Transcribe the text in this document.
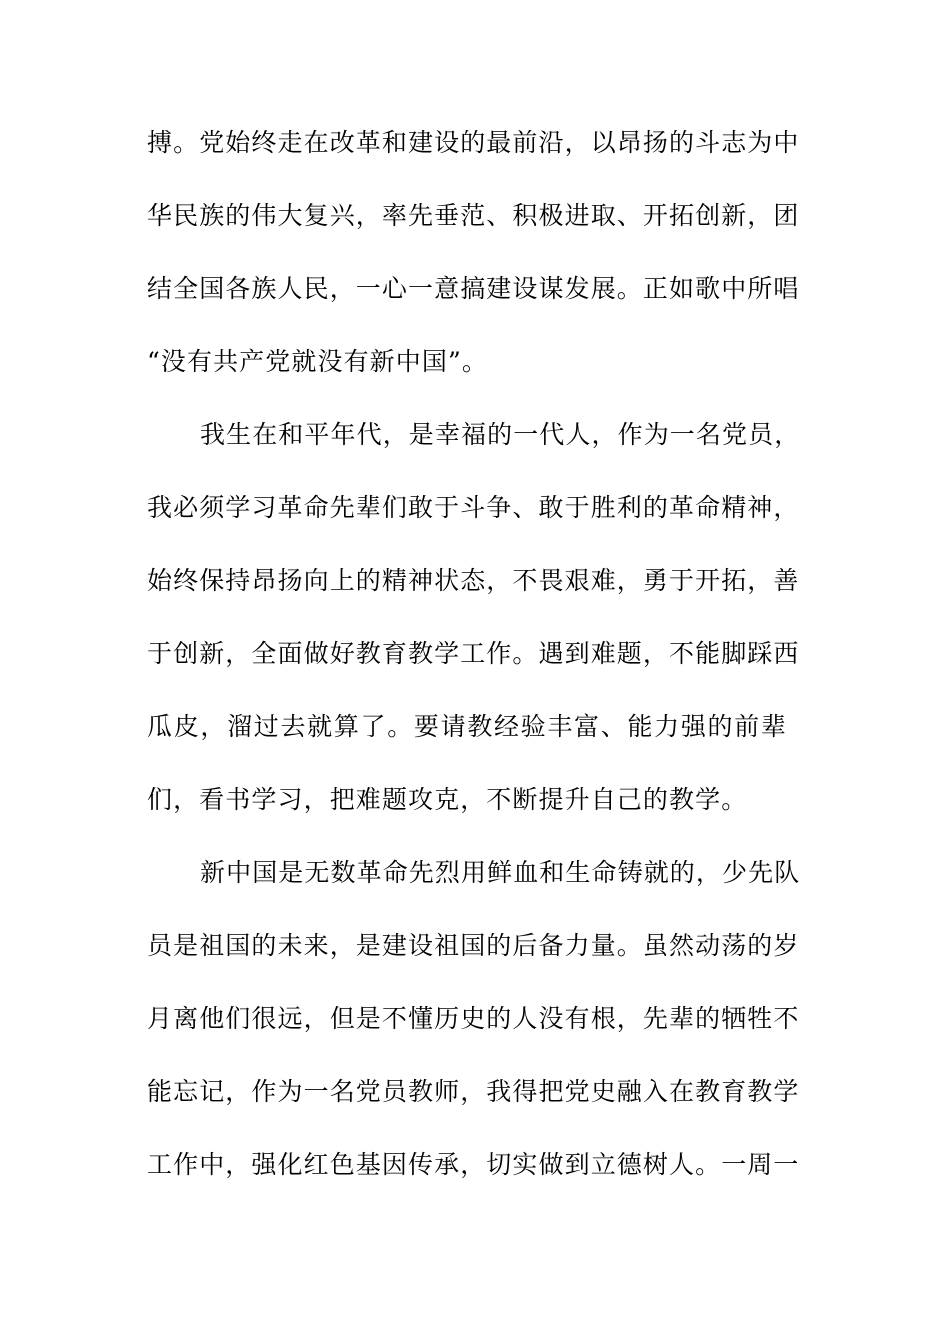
搏。党始终走在改革和建设的最前沿，以昂扬的斗志为中
华民族的伟大复兴，率先垂范、积极进取、开拓创新，团
结全国各族人民，一心一意搞建设谋发展。正如歌中所唱
“没有共产党就没有新中国”。
我生在和平年代，是幸福的一代人，作为一名党员，
我必须学习革命先辈们敢于斗争、敢于胜利的革命精神，
始终保持昂扬向上的精神状态，不畏艰难，勇于开拓，善
于创新，全面做好教育教学工作。遇到难题，不能脚踩西
瓜皮，溜过去就算了。要请教经验丰富、能力强的前辈
们，看书学习，把难题攻克，不断提升自己的教学。
新中国是无数革命先烈用鲜血和生命铸就的，少先队
员是祖国的未来，是建设祖国的后备力量。虽然动荡的岁
月离他们很远，但是不懂历史的人没有根，先辈的牺牲不
能忘记，作为一名党员教师，我得把党史融入在教育教学
工作中，强化红色基因传承，切实做到立德树人。一周一
